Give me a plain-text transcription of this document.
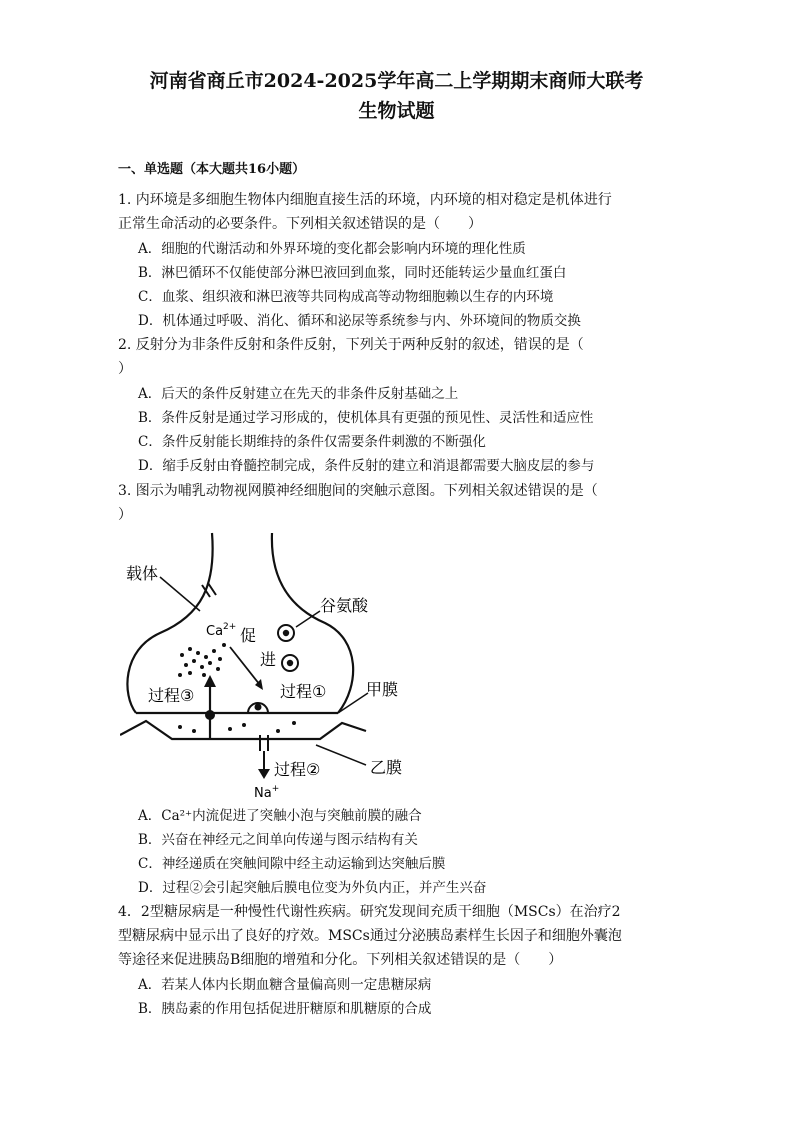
河南省商丘市2024-2025学年高二上学期期末商师大联考
生物试题
一、单选题（本大题共16小题）
1. 内环境是多细胞生物体内细胞直接生活的环境，内环境的相对稳定是机体进行
正常生命活动的必要条件。下列相关叙述错误的是（　　）
A．细胞的代谢活动和外界环境的变化都会影响内环境的理化性质
B．淋巴循环不仅能使部分淋巴液回到血浆，同时还能转运少量血红蛋白
C．血浆、组织液和淋巴液等共同构成高等动物细胞赖以生存的内环境
D．机体通过呼吸、消化、循环和泌尿等系统参与内、外环境间的物质交换
2. 反射分为非条件反射和条件反射，下列关于两种反射的叙述，错误的是（
）
A．后天的条件反射建立在先天的非条件反射基础之上
B．条件反射是通过学习形成的，使机体具有更强的预见性、灵活性和适应性
C．条件反射能长期维持的条件仅需要条件刺激的不断强化
D．缩手反射由脊髓控制完成，条件反射的建立和消退都需要大脑皮层的参与
3. 图示为哺乳动物视网膜神经细胞间的突触示意图。下列相关叙述错误的是（
）
载体
$Ca^{2+}$ 促
进
谷氨酸
过程①
过程③	甲膜
过程②
Na+
乙膜
A．Ca²⁺内流促进了突触小泡与突触前膜的融合
B．兴奋在神经元之间单向传递与图示结构有关
C．神经递质在突触间隙中经主动运输到达突触后膜
D．过程②会引起突触后膜电位变为外负内正，并产生兴奋
4．2型糖尿病是一种慢性代谢性疾病。研究发现间充质干细胞（MSCs）在治疗2
型糖尿病中显示出了良好的疗效。MSCs通过分泌胰岛素样生长因子和细胞外囊泡
等途径来促进胰岛B细胞的增殖和分化。下列相关叙述错误的是（　　）
A．若某人体内长期血糖含量偏高则一定患糖尿病
B．胰岛素的作用包括促进肝糖原和肌糖原的合成
